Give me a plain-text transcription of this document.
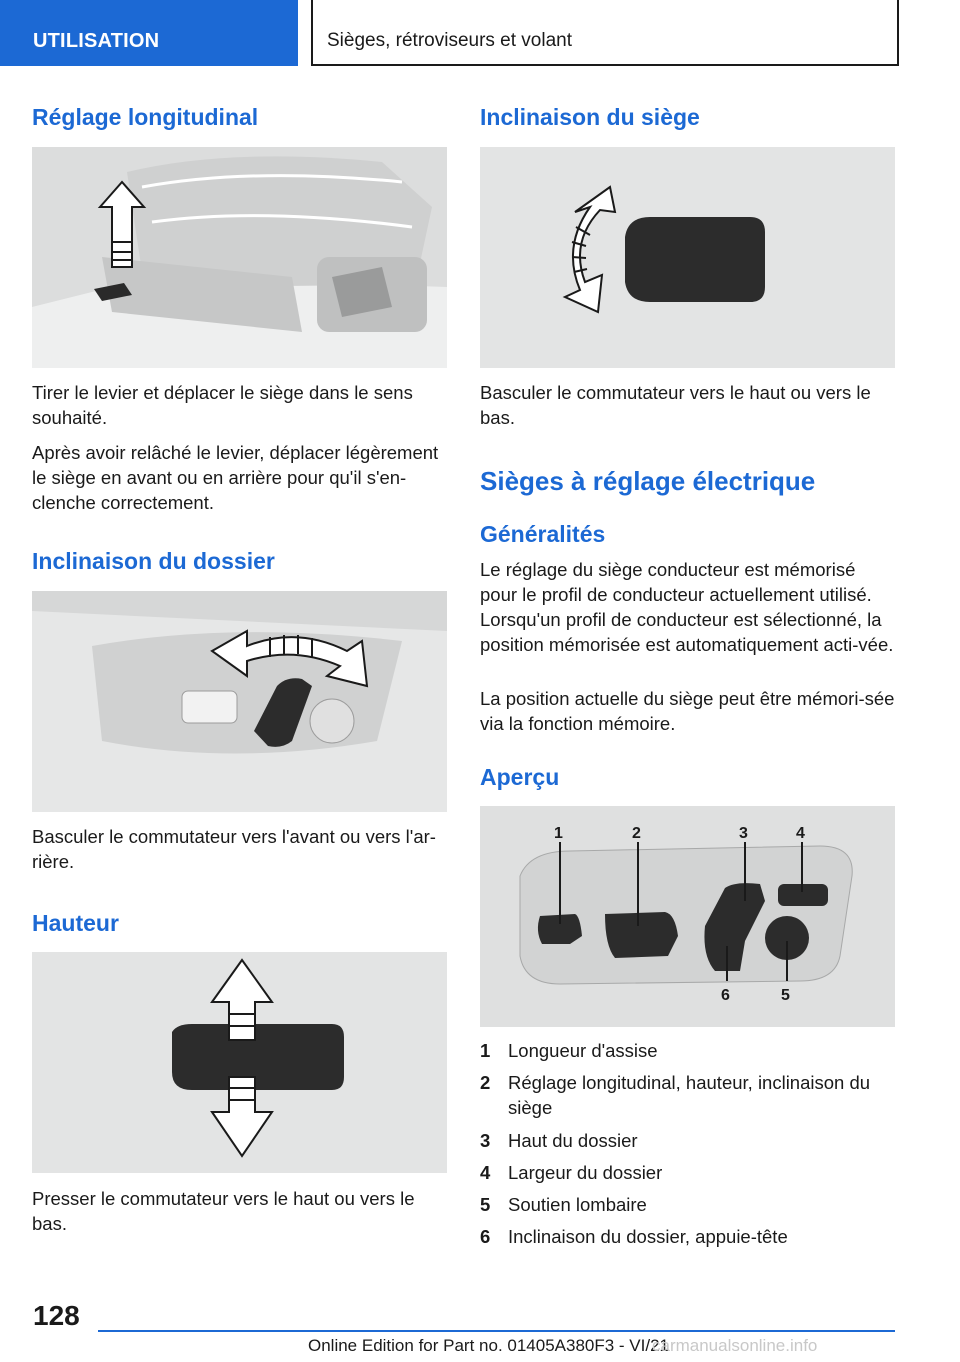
UTILISATION	Sièges, rétroviseurs et volant
Réglage longitudinal

Tirer le levier et déplacer le siège dans le sens souhaité.

Après avoir relâché le levier, déplacer légèrement le siège en avant ou en arrière pour qu'il s'en-clenche correctement.

Inclinaison du dossier

Basculer le commutateur vers l'avant ou vers l'ar-rière.

Hauteur

Presser le commutateur vers le haut ou vers le bas.

Inclinaison du siège

Basculer le commutateur vers le haut ou vers le bas.

Sièges à réglage électrique
Généralités

Le réglage du siège conducteur est mémorisé pour le profil de conducteur actuellement utilisé. Lorsqu'un profil de conducteur est sélectionné, la position mémorisée est automatiquement acti-vée.

La position actuelle du siège peut être mémori-sée via la fonction mémoire.

Aperçu
1	2	3	4
5
6
1 Longueur d'assise
2 Réglage longitudinal, hauteur, inclinaison du siège
3 Haut du dossier
4 Largeur du dossier
5 Soutien lombaire
6 Inclinaison du dossier, appuie-tête
128
Online Edition for Part no. 01405A380F3 - VI/21
carmanualsonline.info
